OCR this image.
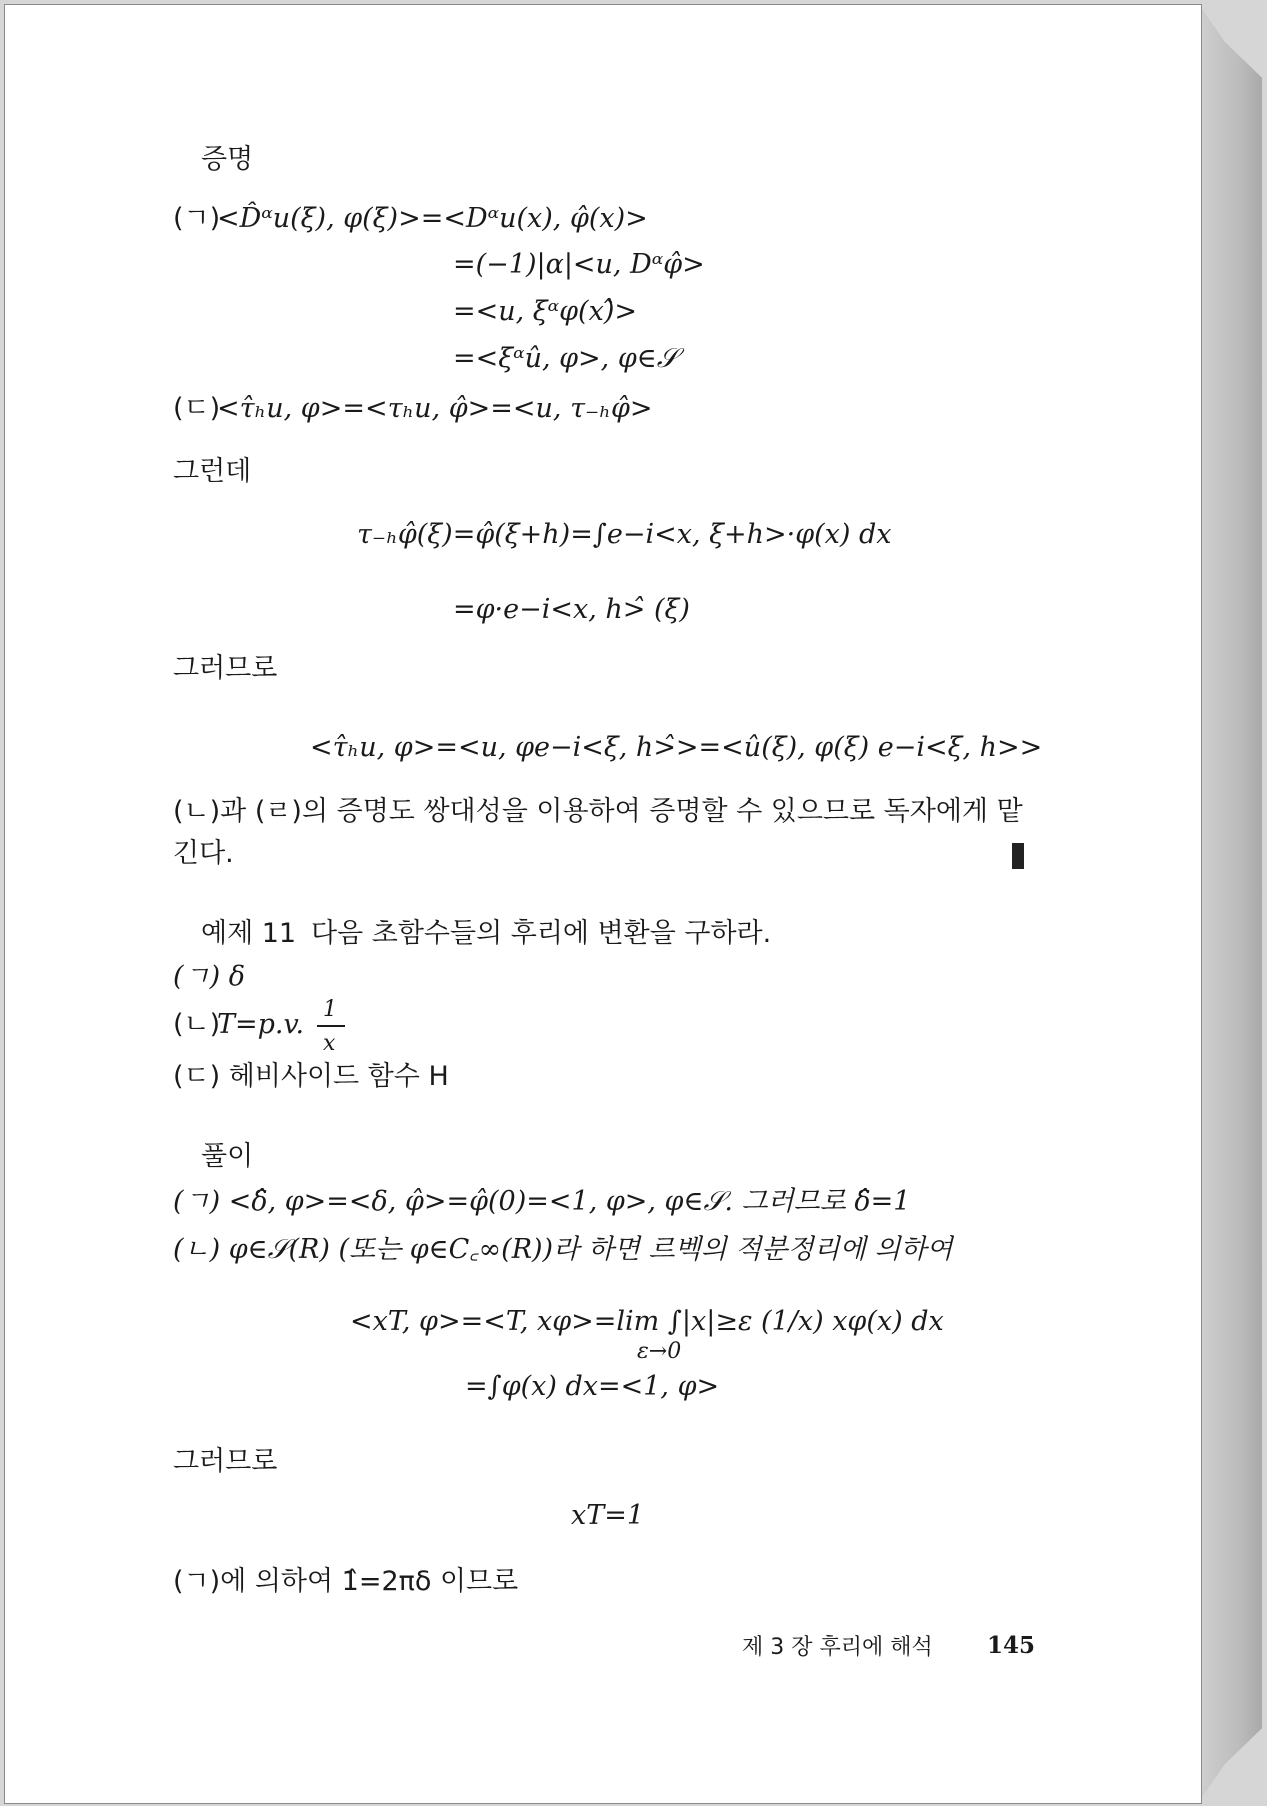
증명
(ㄱ)
<D̂ᵅu(ξ), φ(ξ)>=<Dᵅu(x), φ̂(x)>
=(−1)|α|<u, Dᵅφ̂>
=<u, ξᵅφ(x)̂>
=<ξᵅû, φ>, φ∈𝒮
(ㄷ)
<τ̂ₕu, φ>=<τₕu, φ̂>=<u, τ₋ₕφ̂>
그런데
τ₋ₕφ̂(ξ)=φ̂(ξ+h)=∫e−i<x, ξ+h>·φ(x) dx
=φ·e−i<x, h>̂ (ξ)
그러므로
<τ̂ₕu, φ>=<u, φe−i<ξ, h>̂>=<û(ξ), φ(ξ) e−i<ξ, h>>
(ㄴ)과 (ㄹ)의 증명도 쌍대성을 이용하여 증명할 수 있으므로 독자에게 맡
긴다.
예제 11 다음 초함수들의 후리에 변환을 구하라.
(ㄱ) δ
(ㄴ)
T=p.v. 1
x
(ㄷ) 헤비사이드 함수 H
풀이
(ㄱ) <δ̂, φ>=<δ, φ̂>=φ̂(0)=<1, φ>, φ∈𝒮. 그러므로 δ̂=1
(ㄴ) φ∈𝒮(R) (또는 φ∈C꜀∞(R))라 하면 르벡의 적분정리에 의하여
<xT, φ>=<T, xφ>=lim ∫|x|≥ε (1/x) xφ(x) dx
ε→0
=∫φ(x) dx=<1, φ>
그러므로
xT=1
(ㄱ)에 의하여 1̂=2πδ 이므로
제 3 장 후리에 해석 145
